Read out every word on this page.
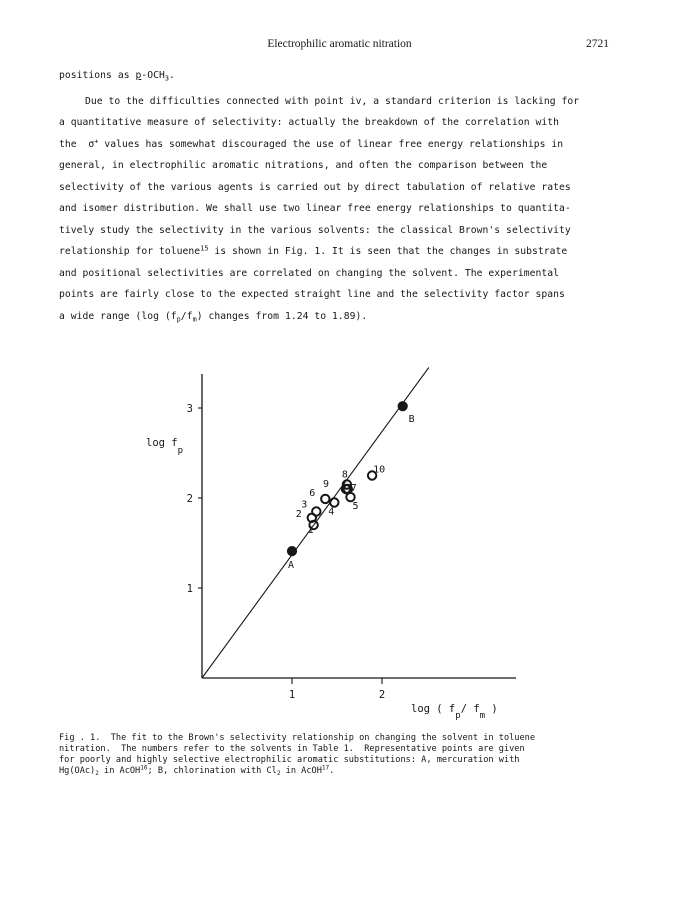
Electrophilic aromatic nitration	2721
positions as $p-OCH_3$.
Due to the difficulties connected with point iv, a standard criterion is lacking for
a quantitative measure of selectivity: actually the breakdown of the correlation with
the  σ+ values has somewhat discouraged the use of linear free energy relationships in
general, in electrophilic aromatic nitrations, and often the comparison between the
selectivity of the various agents is carried out by direct tabulation of relative rates
and isomer distribution. We shall use two linear free energy relationships to quantita-
tively study the selectivity in the various solvents: the classical Brown's selectivity
relationship for toluene$^{15}$ is shown in Fig. 1. It is seen that the changes in substrate
and positional selectivities are correlated on changing the solvent. The experimental
points are fairly close to the expected straight line and the selectivity factor spans
a wide range (log $(f_p/f_m)$ changes from 1.24 to 1.89).
1	2
1
2
3
1
2
3
4 5
6	7
8
9
10
A
B
log fp
log ( fp/ fm )
Fig . 1.  The fit to the Brown's selectivity relationship on changing the solvent in toluene
nitration.  The numbers refer to the solvents in Table 1.  Representative points are given
for poorly and highly selective electrophilic aromatic substitutions: A, mercuration with
$Hg(OAc)_2$ in AcOH$^{16}$; B, chlorination with $Cl_2$ in AcOH$^{17}$.
